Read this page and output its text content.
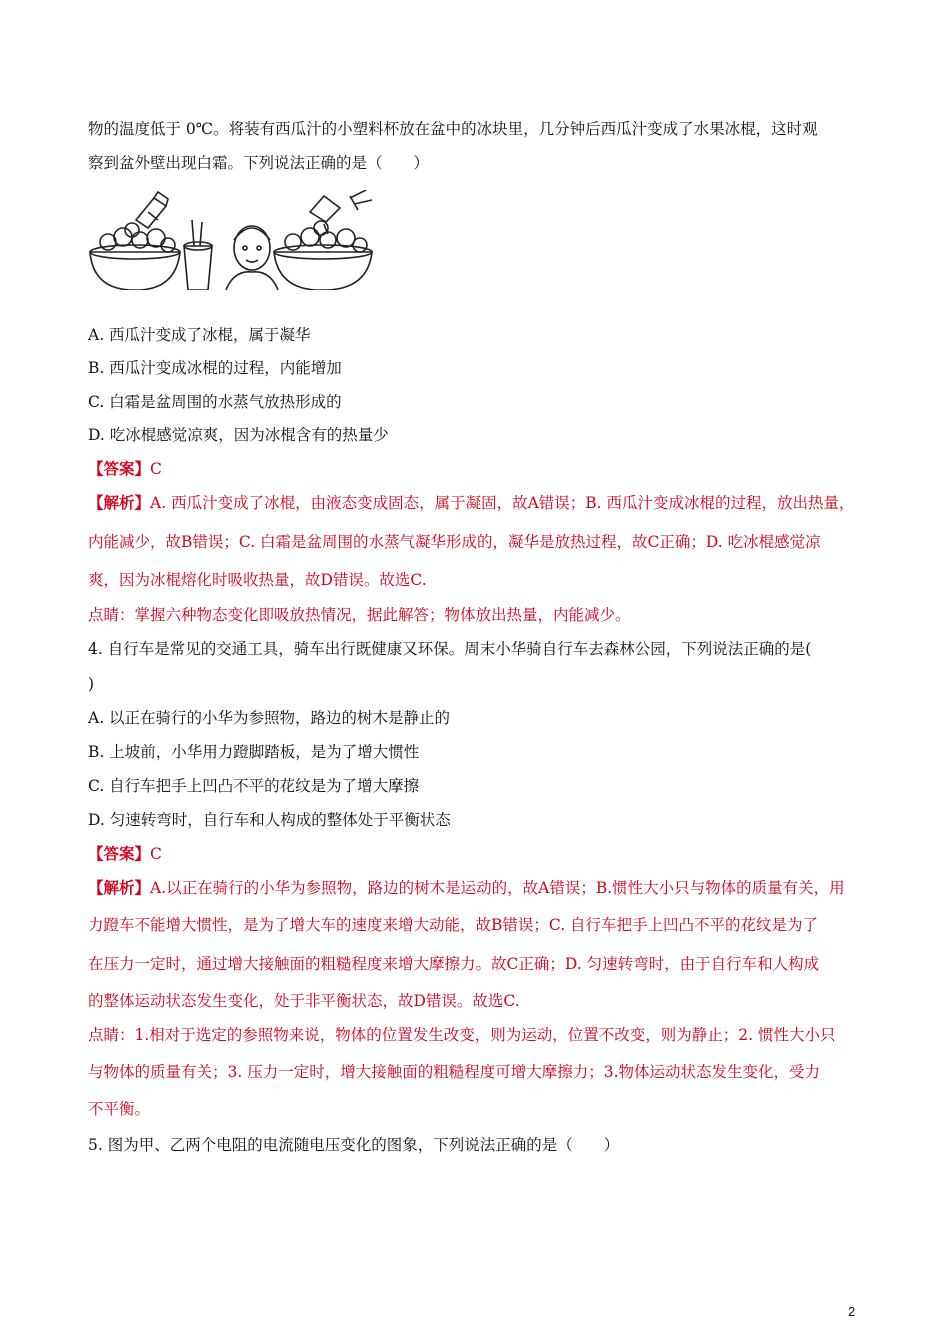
物的温度低于 0℃。将装有西瓜汁的小塑料杯放在盆中的冰块里，几分钟后西瓜汁变成了水果冰棍，这时观
察到盆外壁出现白霜。下列说法正确的是（　　）
A. 西瓜汁变成了冰棍，属于凝华
B. 西瓜汁变成冰棍的过程，内能增加
C. 白霜是盆周围的水蒸气放热形成的
D. 吃冰棍感觉凉爽，因为冰棍含有的热量少
【答案】C
【解析】A. 西瓜汁变成了冰棍，由液态变成固态，属于凝固，故A错误；B. 西瓜汁变成冰棍的过程，放出热量，
内能减少，故B错误；C. 白霜是盆周围的水蒸气凝华形成的，凝华是放热过程，故C正确；D. 吃冰棍感觉凉
爽，因为冰棍熔化时吸收热量，故D错误。故选C.
点睛：掌握六种物态变化即吸放热情况，据此解答；物体放出热量，内能减少。
4. 自行车是常见的交通工具，骑车出行既健康又环保。周末小华骑自行车去森林公园，下列说法正确的是(
)
A. 以正在骑行的小华为参照物，路边的树木是静止的
B. 上坡前，小华用力蹬脚踏板，是为了增大惯性
C. 自行车把手上凹凸不平的花纹是为了增大摩擦
D. 匀速转弯时，自行车和人构成的整体处于平衡状态
【答案】C
【解析】A.以正在骑行的小华为参照物，路边的树木是运动的，故A错误；B.惯性大小只与物体的质量有关，用
力蹬车不能增大惯性，是为了增大车的速度来增大动能，故B错误；C. 自行车把手上凹凸不平的花纹是为了
在压力一定时，通过增大接触面的粗糙程度来增大摩擦力。故C正确；D. 匀速转弯时，由于自行车和人构成
的整体运动状态发生变化，处于非平衡状态，故D错误。故选C.
点睛：1.相对于选定的参照物来说，物体的位置发生改变，则为运动，位置不改变，则为静止；2. 惯性大小只
与物体的质量有关；3. 压力一定时，增大接触面的粗糙程度可增大摩擦力；3.物体运动状态发生变化，受力
不平衡。
5. 图为甲、乙两个电阻的电流随电压变化的图象，下列说法正确的是（　　）
2
